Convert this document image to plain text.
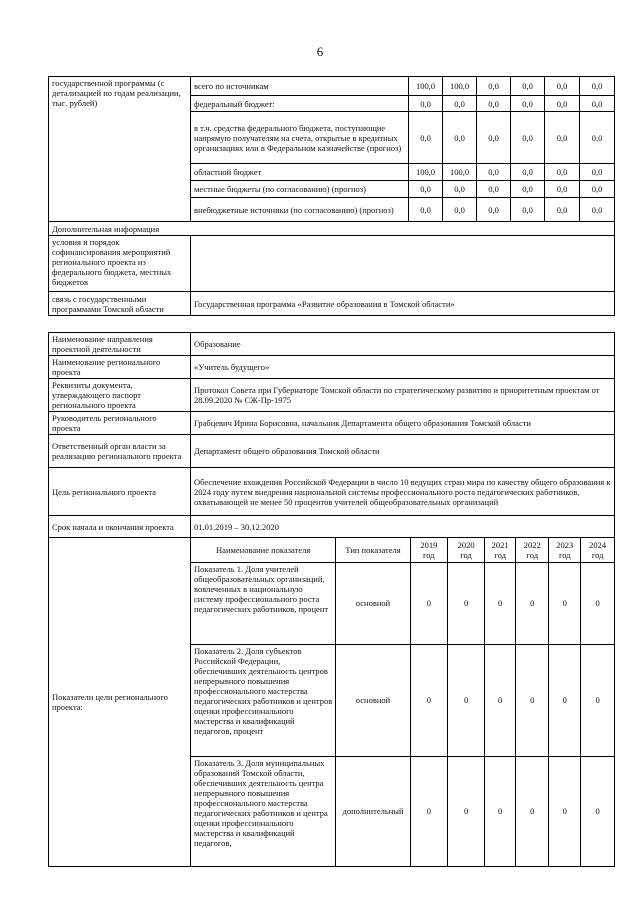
6
государственной программы (с детализацией по годам реализации, тыс. рублей)	всего по источникам	100,0	100,0	0,0	0,0	0,0	0,0
	федеральный бюджет:	0,0	0,0	0,0	0,0	0,0	0,0
	в т.ч. средства федерального бюджета, поступающие напрямую получателям на счета, открытые в кредитных организациях или в Федеральном казначействе (прогноз)	0,0	0,0	0,0	0,0	0,0	0,0
	областной бюджет	100,0	100,0	0,0	0,0	0,0	0,0
	местные бюджеты (по согласованию) (прогноз)	0,0	0,0	0,0	0,0	0,0	0,0
	внебюджетные источники (по согласованию) (прогноз)	0,0	0,0	0,0	0,0	0,0	0,0
Дополнительная информация							
условия и порядок софинансирования мероприятий регионального проекта из федерального бюджета, местных бюджетов							
связь с государственными программами Томской области	Государственная программа «Развитие образования в Томской области»						
Наименование направления проектной деятельности	Образование
Наименование регионального проекта	«Учитель будущего»
Реквизиты документа, утверждающего паспорт регионального проекта	Протокол Совета при Губернаторе Томской области по стратегическому развитию и приоритетным проектам от 28.09.2020 № СЖ-Пр-1975
Руководитель регионального проекта	Грабцевич Ирина Борисовна, начальник Департамента общего образования Томской области
Ответственный орган власти за реализацию регионального проекта	Департамент общего образования Томской области
Цель регионального проекта	Обеспечение вхождения Российской Федерации в число 10 ведущих стран мира по качеству общего образования к 2024 году путем внедрения национальной системы профессионального роста педагогических работников, охватывающей не менее 50 процентов учителей общеобразовательных организаций
Срок начала и окончания проекта	01.01.2019 – 30.12.2020
Показатели цели регионального проекта:	
Наименование показателя	Тип показателя	2019 год	2020 год	2021 год	2022 год	2023 год	2024 год
Показатель 1. Доля учителей общеобразовательных организаций, вовлеченных в национальную систему профессионального роста педагогических работников, процент	основной	0	0	0	0	0	0
Показатель 2. Доля субъектов Российской Федерации, обеспечивших деятельность центров непрерывного повышения профессионального мастерства педагогических работников и центров оценки профессионального мастерства и квалификаций педагогов, процент	основной	0	0	0	0	0	0
Показатель 3. Доля муниципальных образований Томской области, обеспечивших деятельность центра непрерывного повышения профессионального мастерства педагогических работников и центра оценки профессионального мастерства и квалификаций педагогов,	дополнительный	0	0	0	0	0	0
